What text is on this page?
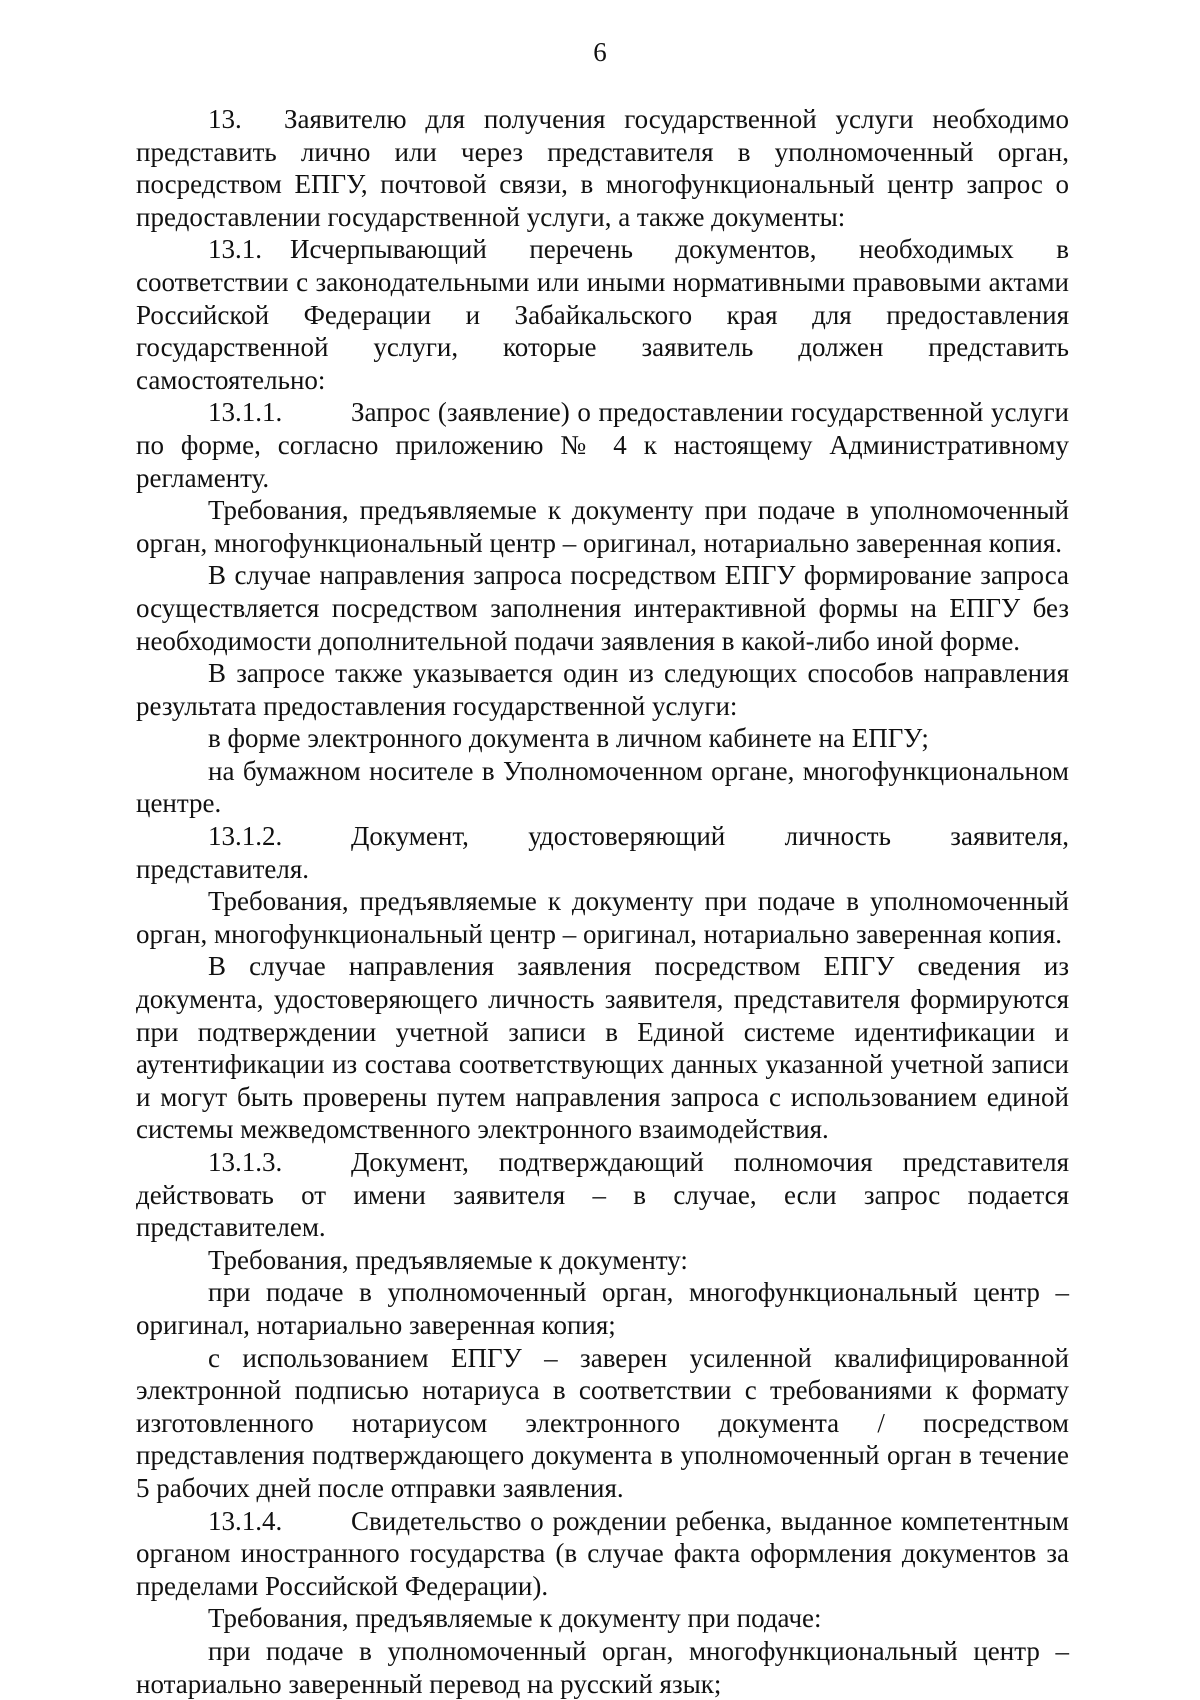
6

13. Заявителю для получения государственной услуги необходимо представить лично или через представителя в уполномоченный орган, посредством ЕПГУ, почтовой связи, в многофункциональный центр запрос о предоставлении государственной услуги, а также документы:

13.1. Исчерпывающий перечень документов, необходимых в соответствии с законодательными или иными нормативными правовыми актами Российской Федерации и Забайкальского края для предоставления государственной услуги, которые заявитель должен представить самостоятельно:

13.1.1.	Запрос (заявление) о предоставлении государственной услуги по форме, согласно приложению № 4 к настоящему Административному регламенту.

Требования, предъявляемые к документу при подаче в уполномоченный орган, многофункциональный центр – оригинал, нотариально заверенная копия.

В случае направления запроса посредством ЕПГУ формирование запроса осуществляется посредством заполнения интерактивной формы на ЕПГУ без необходимости дополнительной подачи заявления в какой-либо иной форме.

В запросе также указывается один из следующих способов направления результата предоставления государственной услуги:

в форме электронного документа в личном кабинете на ЕПГУ;

на бумажном носителе в Уполномоченном органе, многофункциональном центре.

13.1.2.	Документ, удостоверяющий личность заявителя, представителя.

Требования, предъявляемые к документу при подаче в уполномоченный орган, многофункциональный центр – оригинал, нотариально заверенная копия.

В случае направления заявления посредством ЕПГУ сведения из документа, удостоверяющего личность заявителя, представителя формируются при подтверждении учетной записи в Единой системе идентификации и аутентификации из состава соответствующих данных указанной учетной записи и могут быть проверены путем направления запроса с использованием единой системы межведомственного электронного взаимодействия.

13.1.3.	Документ, подтверждающий полномочия представителя действовать от имени заявителя – в случае, если запрос подается представителем.

Требования, предъявляемые к документу:

при подаче в уполномоченный орган, многофункциональный центр – оригинал, нотариально заверенная копия;

с использованием ЕПГУ – заверен усиленной квалифицированной электронной подписью нотариуса в соответствии с требованиями к формату изготовленного нотариусом электронного документа / посредством представления подтверждающего документа в уполномоченный орган в течение 5 рабочих дней после отправки заявления.

13.1.4.	Свидетельство о рождении ребенка, выданное компетентным органом иностранного государства (в случае факта оформления документов за пределами Российской Федерации).

Требования, предъявляемые к документу при подаче:

при подаче в уполномоченный орган, многофункциональный центр – нотариально заверенный перевод на русский язык;
